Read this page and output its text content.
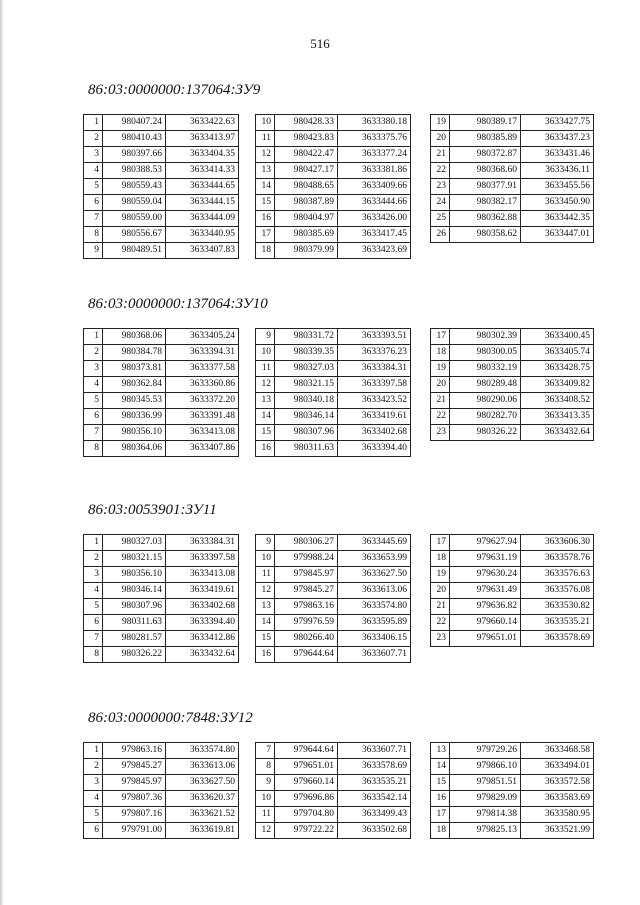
516
86:03:0000000:137064:ЗУ9
1	980407.24	3633422.63
2	980410.43	3633413.97
3	980397.66	3633404.35
4	980388.53	3633414.33
5	980559.43	3633444.65
6	980559.04	3633444.15
7	980559.00	3633444.09
8	980556.67	3633440.95
9	980489.51	3633407.83
10	980428.33	3633380.18
11	980423.83	3633375.76
12	980422.47	3633377.24
13	980427.17	3633381.86
14	980488.65	3633409.66
15	980387.89	3633444.66
16	980404.97	3633426.00
17	980385.69	3633417.45
18	980379.99	3633423.69
19	980389.17	3633427.75
20	980385.89	3633437.23
21	980372.87	3633431.46
22	980368.60	3633436.11
23	980377.91	3633455.56
24	980382.17	3633450.90
25	980362.88	3633442.35
26	980358.62	3633447.01
86:03:0000000:137064:ЗУ10
1	980368.06	3633405.24
2	980384.78	3633394.31
3	980373.81	3633377.58
4	980362.84	3633360.86
5	980345.53	3633372.20
6	980336.99	3633391.48
7	980356.10	3633413.08
8	980364.06	3633407.86
9	980331.72	3633393.51
10	980339.35	3633376.23
11	980327.03	3633384.31
12	980321.15	3633397.58
13	980340.18	3633423.52
14	980346.14	3633419.61
15	980307.96	3633402.68
16	980311.63	3633394.40
17	980302.39	3633400.45
18	980300.05	3633405.74
19	980332.19	3633428.75
20	980289.48	3633409.82
21	980290.06	3633408.52
22	980282.70	3633413.35
23	980326.22	3633432.64
86:03:0053901:ЗУ11
1	980327.03	3633384.31
2	980321.15	3633397.58
3	980356.10	3633413.08
4	980346.14	3633419.61
5	980307.96	3633402.68
6	980311.63	3633394.40
7	980281.57	3633412.86
8	980326.22	3633432.64
9	980306.27	3633445.69
10	979988.24	3633653.99
11	979845.97	3633627.50
12	979845.27	3633613.06
13	979863.16	3633574.80
14	979976.59	3633595.89
15	980266.40	3633406.15
16	979644.64	3633607.71
17	979627.94	3633606.30
18	979631.19	3633578.76
19	979630.24	3633576.63
20	979631.49	3633576.08
21	979636.82	3633530.82
22	979660.14	3633535.21
23	979651.01	3633578.69
86:03:0000000:7848:ЗУ12
1	979863.16	3633574.80
2	979845.27	3633613.06
3	979845.97	3633627.50
4	979807.36	3633620.37
5	979807.16	3633621.52
6	979791.00	3633619.81
7	979644.64	3633607.71
8	979651.01	3633578.69
9	979660.14	3633535.21
10	979696.86	3633542.14
11	979704.80	3633499.43
12	979722.22	3633502.68
13	979729.26	3633468.58
14	979866.10	3633494.01
15	979851.51	3633572.58
16	979829.09	3633583.69
17	979814.38	3633580.95
18	979825.13	3633521.99
